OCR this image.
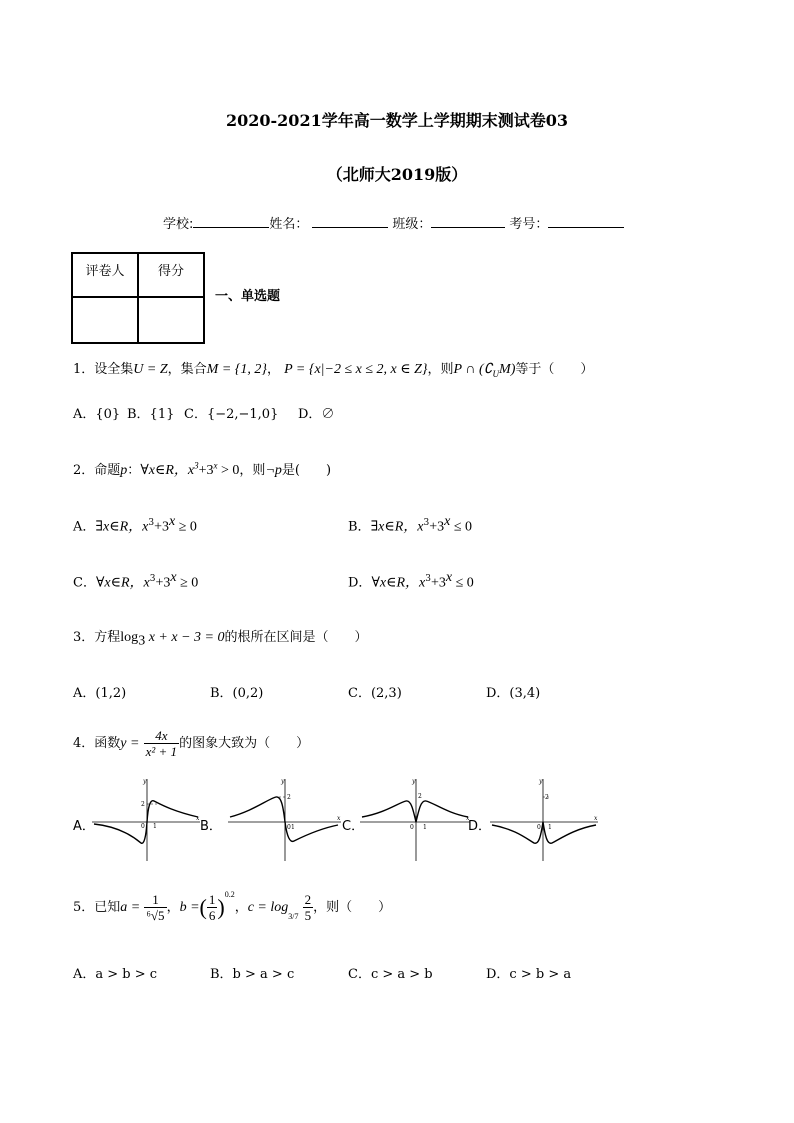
2020-2021学年高一数学上学期期末测试卷03
（北师大2019版）
学校:	姓名：	班级：	考号：
评卷人	得分

一、单选题
1．设全集U = Z，集合M = {1, 2}， P = {x|−2 ≤ x ≤ 2, x ∈ Z}，则P ∩ $(∁_UM)$等于（　　）
A．{0} B．{1} C．{−2,−1,0} D．∅
2．命题p：∀x∈R，$x^3+3^x > 0$，则¬p是(　　)
A．∃x∈R，$x^3+3^x \ge 0$	B．∃x∈R，$x^3+3^x \le 0$
C．∀x∈R，$x^3+3^x \ge 0$	D．∀x∈R，$x^3+3^x \le 0$
3．方程$\log_3 x + x - 3 = 0$的根所在区间是（　　）
A．(1,2)	B．(0,2)	C．(2,3)	D．(3,4)
4．函数$y = \frac{4x}{\text{x² + 1}}$ 的图象大致为（　　）
A．	B．	C．	D．
y
x
2
0 1
y
x
2
0 1
y
x
2
0 1
y
x
2
0 1
5．已知$a = \frac{1}{\text{⁶√5}}$ ，b =( $\frac{1}{6} )^{0.2}$，$c = \log_{3/7} \frac{2}{5}$ ，则（　　）
A．a > b > c	B．b > a > c	C．c > a > b	D．c > b > a
